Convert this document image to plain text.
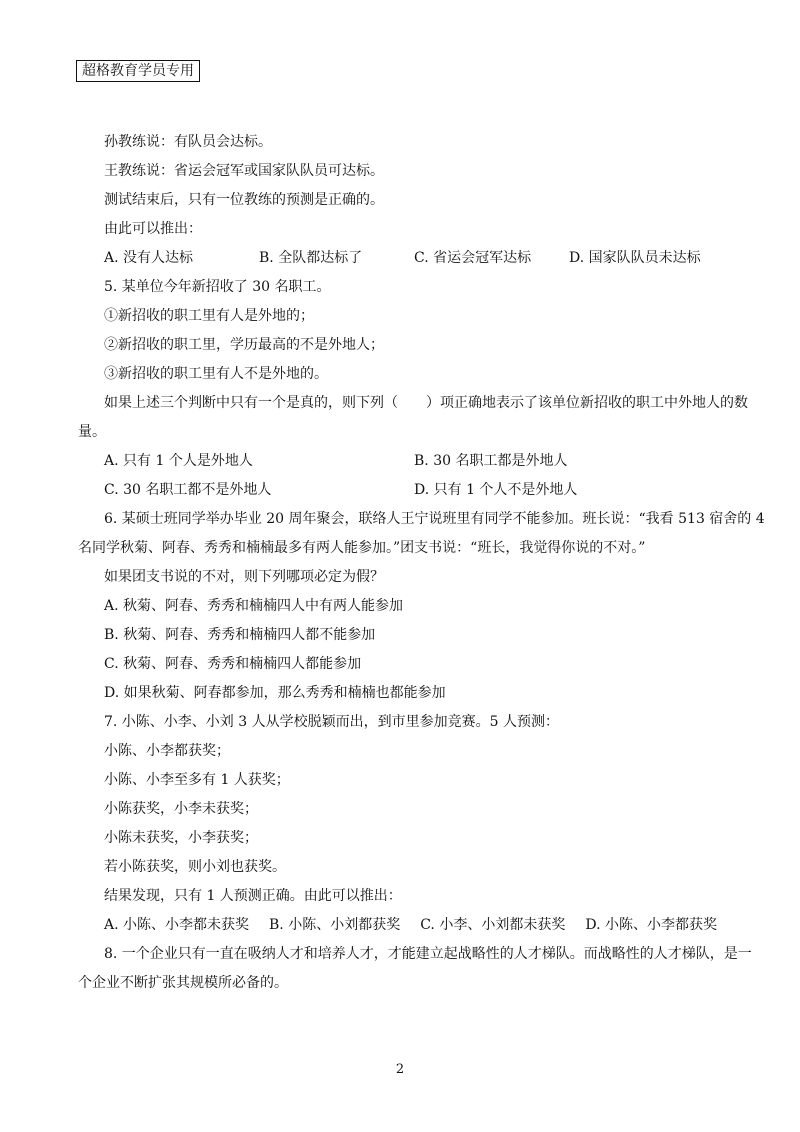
超格教育学员专用

孙教练说：有队员会达标。

王教练说：省运会冠军或国家队队员可达标。

测试结束后，只有一位教练的预测是正确的。

由此可以推出：

A. 没有人达标	B. 全队都达标了	C. 省运会冠军达标	D. 国家队队员未达标

5. 某单位今年新招收了 30 名职工。

①新招收的职工里有人是外地的；

②新招收的职工里，学历最高的不是外地人；

③新招收的职工里有人不是外地的。

如果上述三个判断中只有一个是真的，则下列（　　）项正确地表示了该单位新招收的职工中外地人的数

量。

A. 只有 1 个人是外地人	B. 30 名职工都是外地人
C. 30 名职工都不是外地人	D. 只有 1 个人不是外地人

6. 某硕士班同学举办毕业 20 周年聚会，联络人王宁说班里有同学不能参加。班长说：“我看 513 宿舍的 4

名同学秋菊、阿春、秀秀和楠楠最多有两人能参加。”团支书说：“班长，我觉得你说的不对。”

如果团支书说的不对，则下列哪项必定为假？

A. 秋菊、阿春、秀秀和楠楠四人中有两人能参加

B. 秋菊、阿春、秀秀和楠楠四人都不能参加

C. 秋菊、阿春、秀秀和楠楠四人都能参加

D. 如果秋菊、阿春都参加，那么秀秀和楠楠也都能参加

7. 小陈、小李、小刘 3 人从学校脱颖而出，到市里参加竞赛。5 人预测：

小陈、小李都获奖；

小陈、小李至多有 1 人获奖；

小陈获奖，小李未获奖；

小陈未获奖，小李获奖；

若小陈获奖，则小刘也获奖。

结果发现，只有 1 人预测正确。由此可以推出：

A. 小陈、小李都未获奖 B. 小陈、小刘都获奖 C. 小李、小刘都未获奖 D. 小陈、小李都获奖

8. 一个企业只有一直在吸纳人才和培养人才，才能建立起战略性的人才梯队。而战略性的人才梯队，是一

个企业不断扩张其规模所必备的。

2
